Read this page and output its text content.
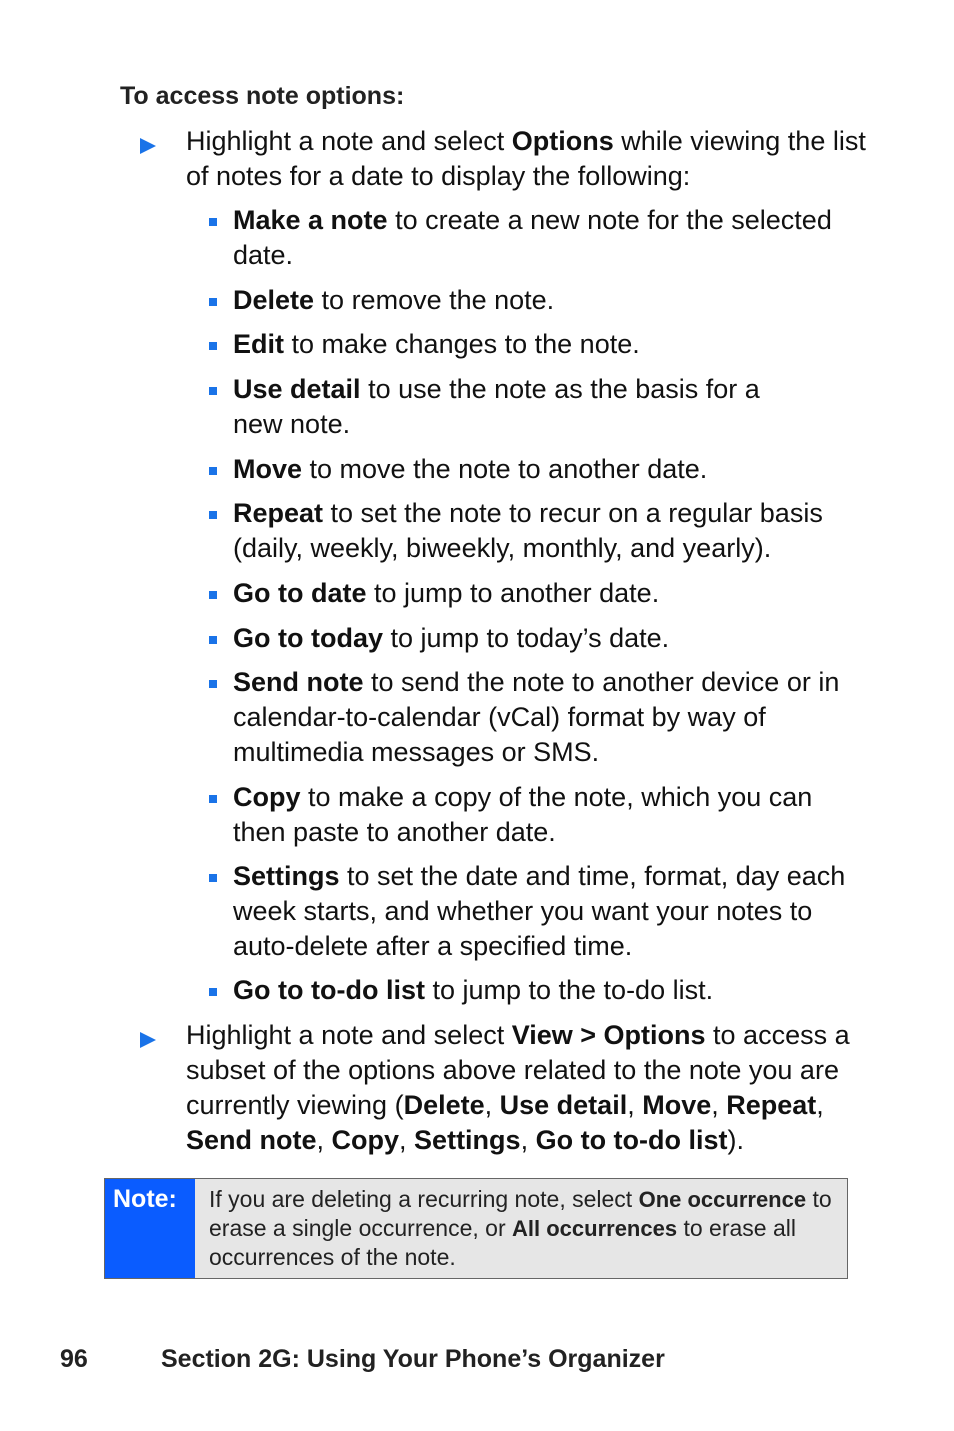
To access note options:
Highlight a note and select Options while viewing the list of notes for a date to display the following:
Make a note to create a new note for the selected date.
Delete to remove the note.
Edit to make changes to the note.
Use detail to use the note as the basis for a new note.
Move to move the note to another date.
Repeat to set the note to recur on a regular basis (daily, weekly, biweekly, monthly, and yearly).
Go to date to jump to another date.
Go to today to jump to today’s date.
Send note to send the note to another device or in calendar-to-calendar (vCal) format by way of multimedia messages or SMS.
Copy to make a copy of the note, which you can then paste to another date.
Settings to set the date and time, format, day each week starts, and whether you want your notes to auto-delete after a specified time.
Go to to-do list to jump to the to-do list.
Highlight a note and select View > Options to access a subset of the options above related to the note you are currently viewing (Delete, Use detail, Move, Repeat, Send note, Copy, Settings, Go to to-do list).
Note:	If you are deleting a recurring note, select One occurrence to erase a single occurrence, or All occurrences to erase all occurrences of the note.
96	Section 2G: Using Your Phone’s Organizer
